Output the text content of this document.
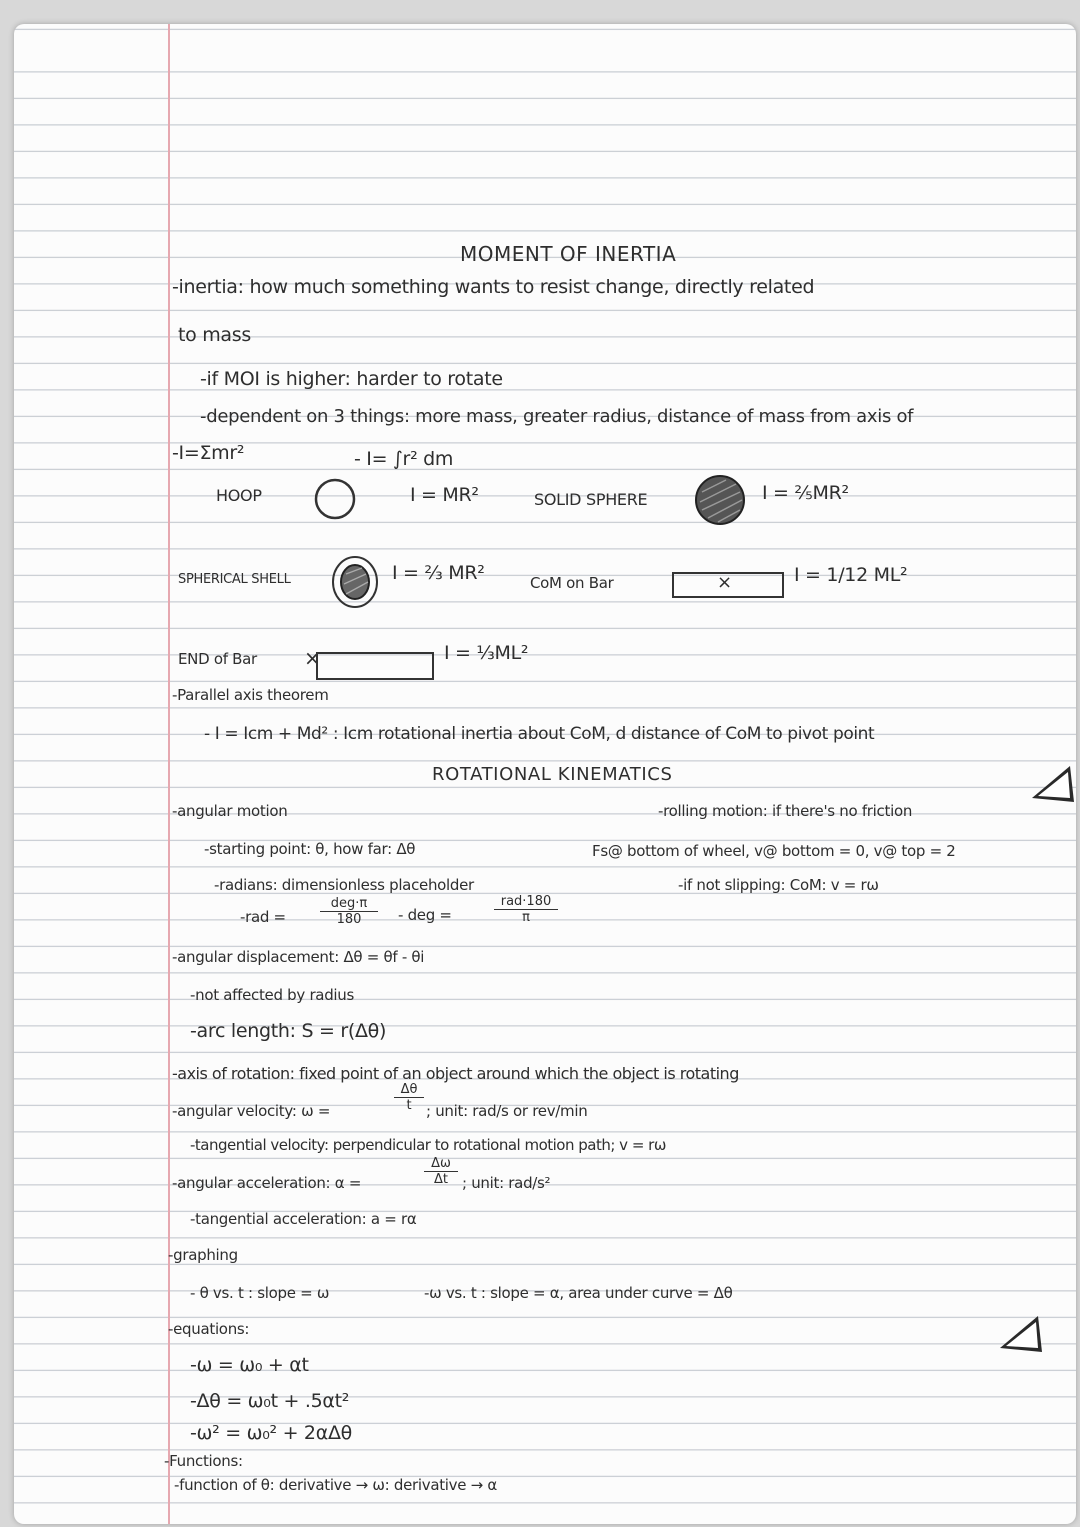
MOMENT OF INERTIA
-inertia: how much something wants to resist change, directly related
to mass
-if MOI is higher: harder to rotate
-dependent on 3 things: more mass, greater radius, distance of mass from axis of
-I=Σmr²	- I= ∫r² dm
HOOP	I = MR²	SOLID SPHERE	I = ⅖MR²
SPHERICAL SHELL	I = ⅔ MR²	CoM on Bar	×	I = 1/12 ML²
END of Bar ×	I = ⅓ML²
-Parallel axis theorem
- I = Icm + Md² : Icm rotational inertia about CoM, d distance of CoM to pivot point
ROTATIONAL KINEMATICS
-angular motion	-rolling motion: if there's no friction
-starting point: θ, how far: Δθ	Fs@ bottom of wheel, v@ bottom = 0, v@ top = 2
-radians: dimensionless placeholder	-if not slipping: CoM: v = rω
-rad =
deg·π
180	- deg =
rad·180
π
-angular displacement: Δθ = θf - θi
-not affected by radius
-arc length: S = r(Δθ)
-axis of rotation: fixed point of an object around which the object is rotating
-angular velocity: ω =	$\frac{\Delta\theta}{t}$ ; unit: rad/s or rev/min
-tangential velocity: perpendicular to rotational motion path; v = rω
-angular acceleration: α =	$\frac{\Delta\omega}{\Delta t}$ ; unit: rad/s²
-tangential acceleration: a = rα
-graphing
- θ vs. t : slope = ω	-ω vs. t : slope = α, area under curve = Δθ
-equations:
-ω = ω₀ + αt
-Δθ = ω₀t + .5αt²
-ω² = ω₀² + 2αΔθ
-Functions:
-function of θ: derivative → ω: derivative → α
